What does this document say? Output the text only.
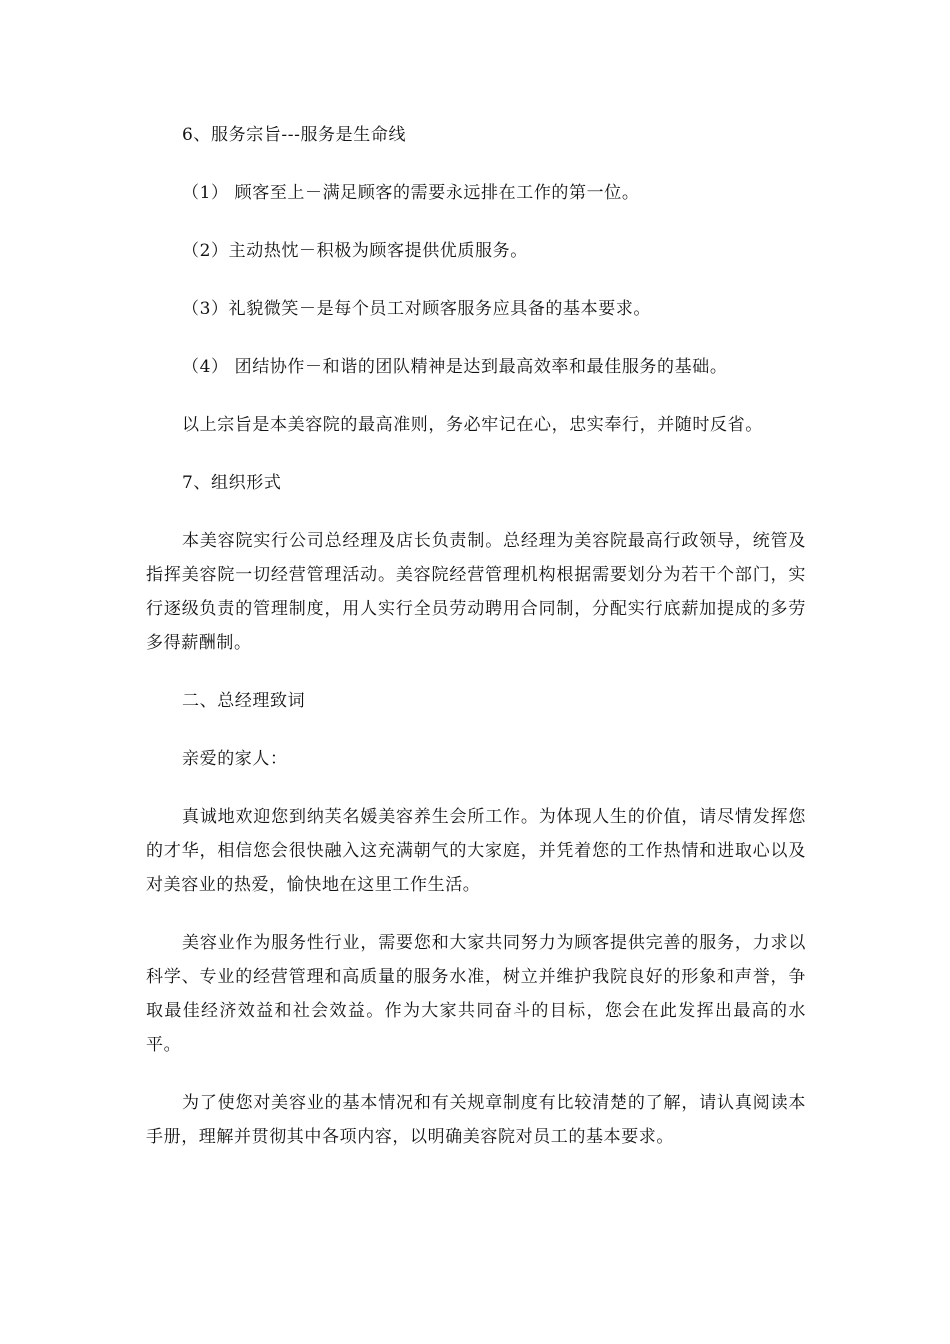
6、服务宗旨---服务是生命线

（1） 顾客至上－满足顾客的需要永远排在工作的第一位。

（2）主动热忱－积极为顾客提供优质服务。

（3）礼貌微笑－是每个员工对顾客服务应具备的基本要求。

（4） 团结协作－和谐的团队精神是达到最高效率和最佳服务的基础。

以上宗旨是本美容院的最高准则，务必牢记在心，忠实奉行，并随时反省。

7、组织形式

本美容院实行公司总经理及店长负责制。总经理为美容院最高行政领导，统管及指挥美容院一切经营管理活动。美容院经营管理机构根据需要划分为若干个部门，实行逐级负责的管理制度，用人实行全员劳动聘用合同制，分配实行底薪加提成的多劳多得薪酬制。

二、总经理致词

亲爱的家人：

真诚地欢迎您到纳芙名媛美容养生会所工作。为体现人生的价值，请尽情发挥您的才华，相信您会很快融入这充满朝气的大家庭，并凭着您的工作热情和进取心以及对美容业的热爱，愉快地在这里工作生活。

美容业作为服务性行业，需要您和大家共同努力为顾客提供完善的服务，力求以科学、专业的经营管理和高质量的服务水准，树立并维护我院良好的形象和声誉，争取最佳经济效益和社会效益。作为大家共同奋斗的目标，您会在此发挥出最高的水平。

为了使您对美容业的基本情况和有关规章制度有比较清楚的了解，请认真阅读本手册，理解并贯彻其中各项内容，以明确美容院对员工的基本要求。
